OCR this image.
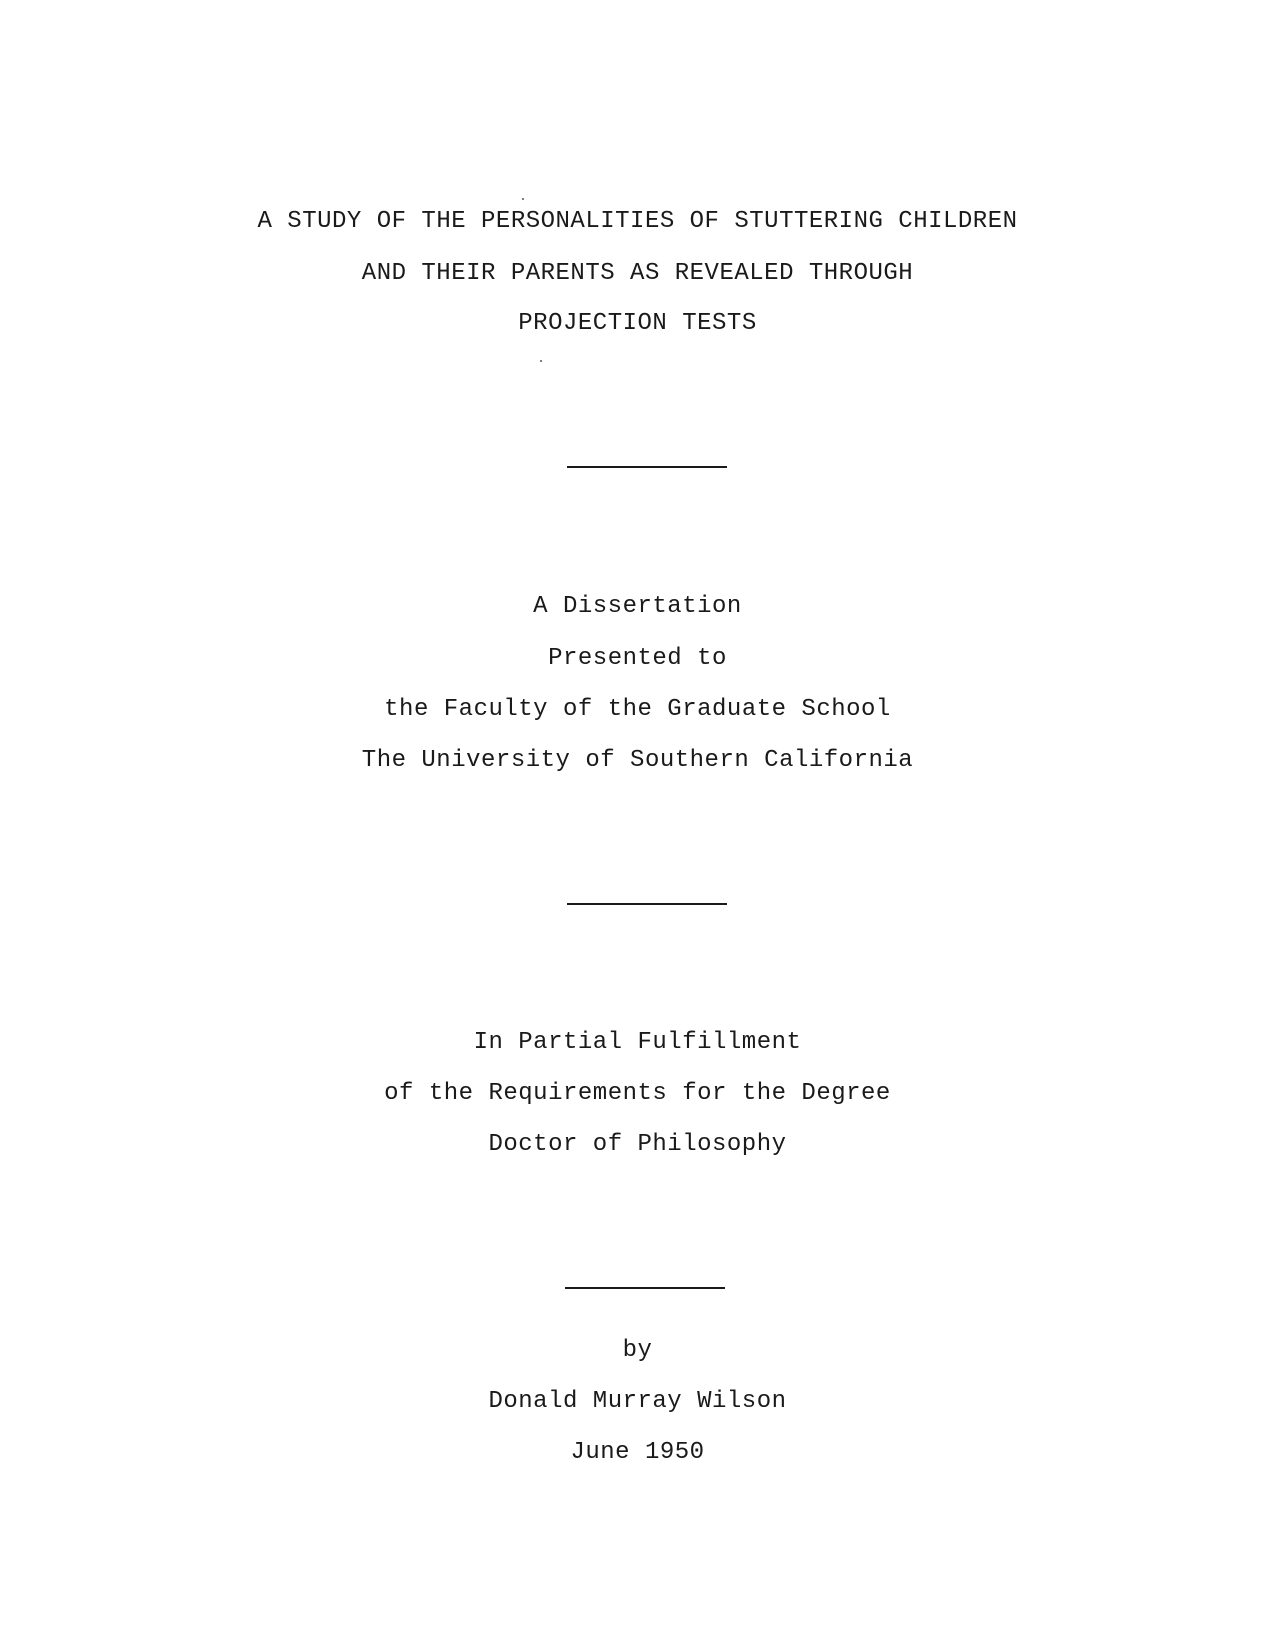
A STUDY OF THE PERSONALITIES OF STUTTERING CHILDREN
AND THEIR PARENTS AS REVEALED THROUGH
PROJECTION TESTS
A Dissertation
Presented to
the Faculty of the Graduate School
The University of Southern California
In Partial Fulfillment
of the Requirements for the Degree
Doctor of Philosophy
by
Donald Murray Wilson
June 1950
